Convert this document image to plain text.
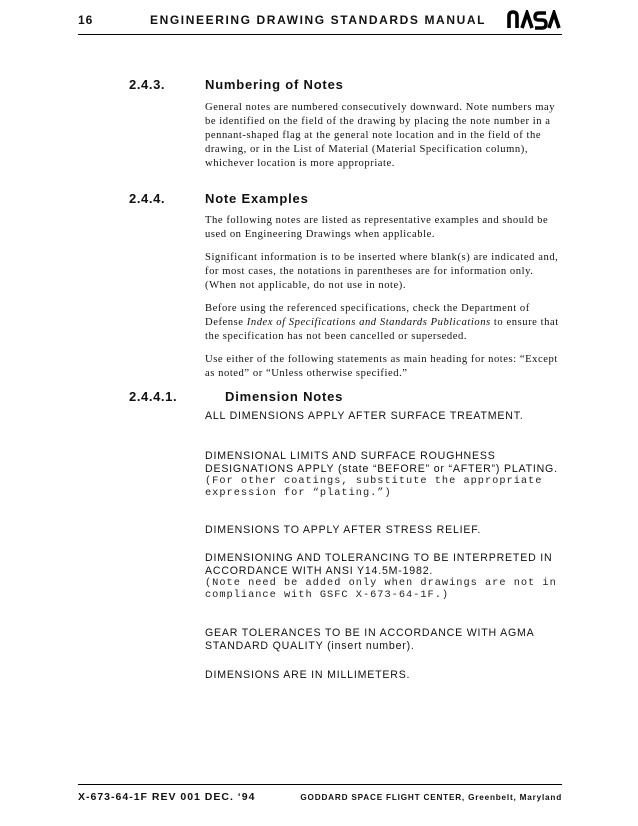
16	ENGINEERING DRAWING STANDARDS MANUAL
2.4.3.	Numbering of Notes

General notes are numbered consecutively downward. Note numbers may be identified on the field of the drawing by placing the note number in a pennant-shaped flag at the general note location and in the field of the drawing, or in the List of Material (Material Specification column), whichever location is more appropriate.

2.4.4.	Note Examples

The following notes are listed as representative examples and should be used on Engineering Drawings when applicable.

Significant information is to be inserted where blank(s) are indicated and, for most cases, the notations in parentheses are for information only. (When not applicable, do not use in note).

Before using the referenced specifications, check the Department of Defense Index of Specifications and Standards Publications to ensure that the specification has not been cancelled or superseded.

Use either of the following statements as main heading for notes: “Except as noted” or “Unless otherwise specified.”

2.4.4.1.	Dimension Notes

ALL DIMENSIONS APPLY AFTER SURFACE TREATMENT.

DIMENSIONAL LIMITS AND SURFACE ROUGHNESS DESIGNATIONS APPLY (state “BEFORE” or “AFTER”) PLATING.
(For other coatings, substitute the appropriate expression for “plating.”)

DIMENSIONS TO APPLY AFTER STRESS RELIEF.

DIMENSIONING AND TOLERANCING TO BE INTERPRETED IN ACCORDANCE WITH ANSI Y14.5M-1982.
(Note need be added only when drawings are not in compliance with GSFC X-673-64-1F.)

GEAR TOLERANCES TO BE IN ACCORDANCE WITH AGMA STANDARD QUALITY (insert number).

DIMENSIONS ARE IN MILLIMETERS.

X-673-64-1F REV 001 DEC. ‘94	GODDARD SPACE FLIGHT CENTER, Greenbelt, Maryland
